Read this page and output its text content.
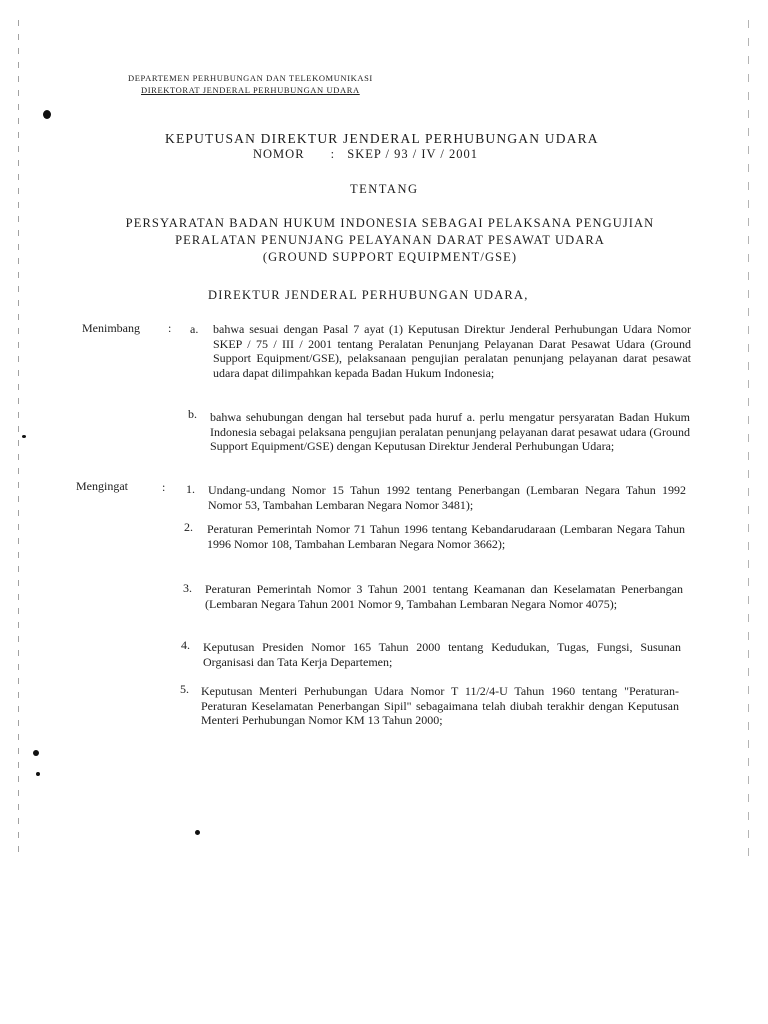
DEPARTEMEN PERHUBUNGAN DAN TELEKOMUNIKASI
DIREKTORAT JENDERAL PERHUBUNGAN UDARA
KEPUTUSAN DIREKTUR JENDERAL PERHUBUNGAN UDARA
NOMOR : SKEP / 93 / IV / 2001
TENTANG
PERSYARATAN BADAN HUKUM INDONESIA SEBAGAI PELAKSANA PENGUJIAN
PERALATAN PENUNJANG PELAYANAN DARAT PESAWAT UDARA
(GROUND SUPPORT EQUIPMENT/GSE)
DIREKTUR JENDERAL PERHUBUNGAN UDARA,
Menimbang : a. bahwa sesuai dengan Pasal 7 ayat (1) Keputusan Direktur Jenderal Perhubungan Udara Nomor SKEP / 75 / III / 2001 tentang Peralatan Penunjang Pelayanan Darat Pesawat Udara (Ground Support Equipment/GSE), pelaksanaan pengujian peralatan penunjang pelayanan darat pesawat udara dapat dilimpahkan kepada Badan Hukum Indonesia;
b. bahwa sehubungan dengan hal tersebut pada huruf a. perlu mengatur persyaratan Badan Hukum Indonesia sebagai pelaksana pengujian peralatan penunjang pelayanan darat pesawat udara (Ground Support Equipment/GSE) dengan Keputusan Direktur Jenderal Perhubungan Udara;
Mengingat	: 1. Undang-undang Nomor 15 Tahun 1992 tentang Penerbangan (Lembaran Negara Tahun 1992 Nomor 53, Tambahan Lembaran Negara Nomor 3481);
2. Peraturan Pemerintah Nomor 71 Tahun 1996 tentang Kebandarudaraan (Lembaran Negara Tahun 1996 Nomor 108, Tambahan Lembaran Negara Nomor 3662);
3. Peraturan Pemerintah Nomor 3 Tahun 2001 tentang Keamanan dan Keselamatan Penerbangan (Lembaran Negara Tahun 2001 Nomor 9, Tambahan Lembaran Negara Nomor 4075);
4. Keputusan Presiden Nomor 165 Tahun 2000 tentang Kedudukan, Tugas, Fungsi, Susunan Organisasi dan Tata Kerja Departemen;
5. Keputusan Menteri Perhubungan Udara Nomor T 11/2/4-U Tahun 1960 tentang "Peraturan-Peraturan Keselamatan Penerbangan Sipil" sebagaimana telah diubah terakhir dengan Keputusan Menteri Perhubungan Nomor KM 13 Tahun 2000;
